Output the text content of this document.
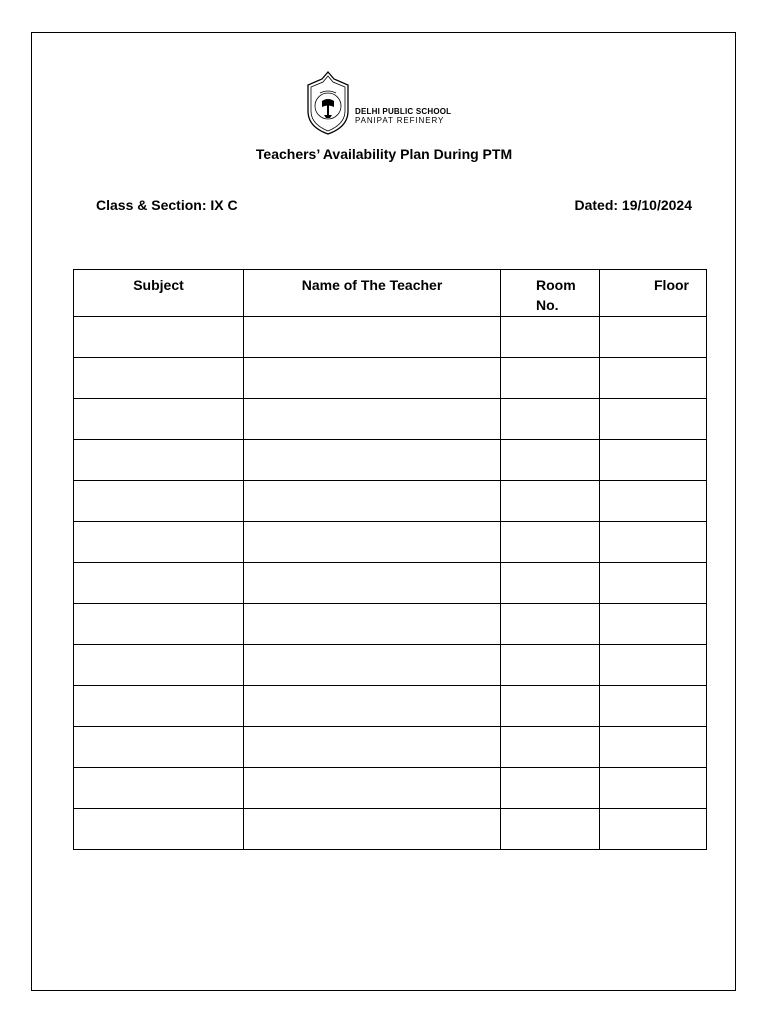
DELHI PUBLIC SCHOOL
PANIPAT REFINERY
Teachers’ Availability Plan During PTM
Class & Section: IX C	Dated: 19/10/2024
Subject	Name of The Teacher	Room No.	Floor
